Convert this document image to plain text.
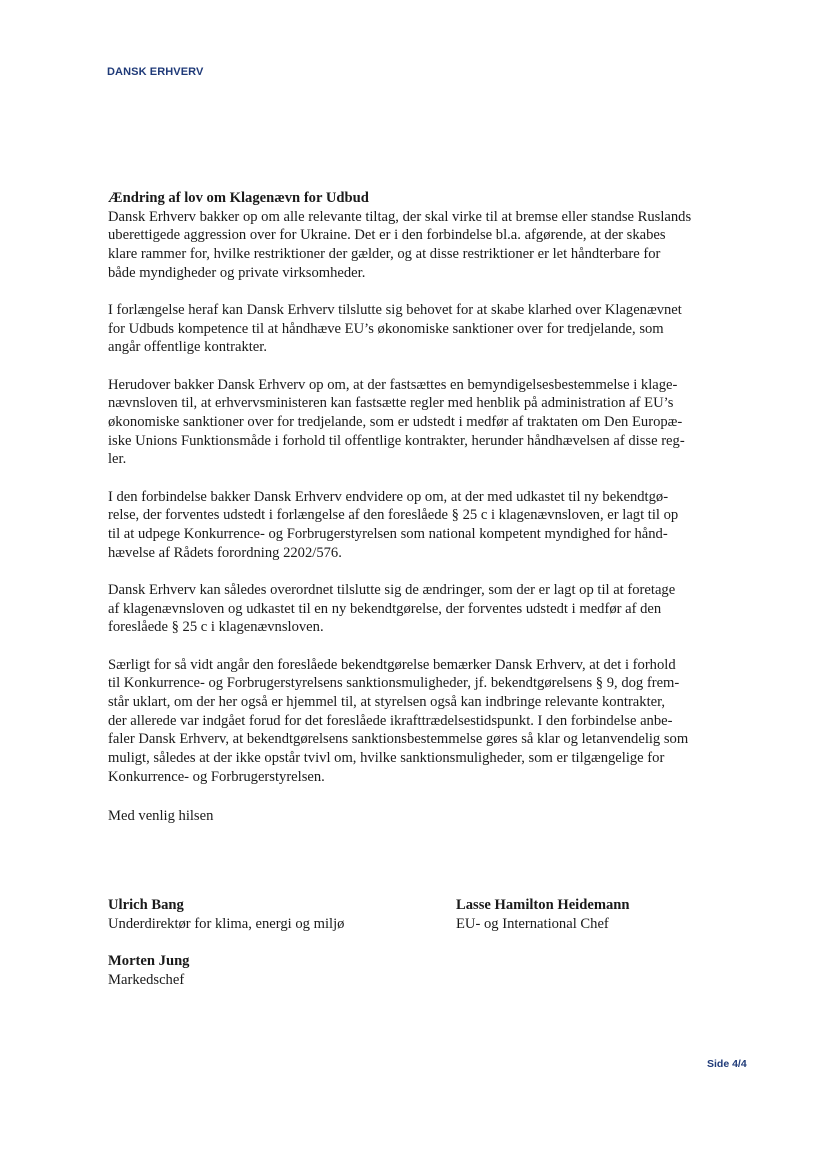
DANSK ERHVERV

Ændring af lov om Klagenævn for Udbud

Dansk Erhverv bakker op om alle relevante tiltag, der skal virke til at bremse eller standse Ruslands
uberettigede aggression over for Ukraine. Det er i den forbindelse bl.a. afgørende, at der skabes
klare rammer for, hvilke restriktioner der gælder, og at disse restriktioner er let håndterbare for
både myndigheder og private virksomheder.

I forlængelse heraf kan Dansk Erhverv tilslutte sig behovet for at skabe klarhed over Klagenævnet
for Udbuds kompetence til at håndhæve EU’s økonomiske sanktioner over for tredjelande, som
angår offentlige kontrakter.

Herudover bakker Dansk Erhverv op om, at der fastsættes en bemyndigelsesbestemmelse i klage-
nævnsloven til, at erhvervsministeren kan fastsætte regler med henblik på administration af EU’s
økonomiske sanktioner over for tredjelande, som er udstedt i medfør af traktaten om Den Europæ-
iske Unions Funktionsmåde i forhold til offentlige kontrakter, herunder håndhævelsen af disse reg-
ler.

I den forbindelse bakker Dansk Erhverv endvidere op om, at der med udkastet til ny bekendtgø-
relse, der forventes udstedt i forlængelse af den foreslåede § 25 c i klagenævnsloven, er lagt til op
til at udpege Konkurrence- og Forbrugerstyrelsen som national kompetent myndighed for hånd-
hævelse af Rådets forordning 2202/576.

Dansk Erhverv kan således overordnet tilslutte sig de ændringer, som der er lagt op til at foretage
af klagenævnsloven og udkastet til en ny bekendtgørelse, der forventes udstedt i medfør af den
foreslåede § 25 c i klagenævnsloven.

Særligt for så vidt angår den foreslåede bekendtgørelse bemærker Dansk Erhverv, at det i forhold
til Konkurrence- og Forbrugerstyrelsens sanktionsmuligheder, jf. bekendtgørelsens § 9, dog frem-
står uklart, om der her også er hjemmel til, at styrelsen også kan indbringe relevante kontrakter,
der allerede var indgået forud for det foreslåede ikrafttrædelsestidspunkt. I den forbindelse anbe-
faler Dansk Erhverv, at bekendtgørelsens sanktionsbestemmelse gøres så klar og letanvendelig som
muligt, således at der ikke opstår tvivl om, hvilke sanktionsmuligheder, som er tilgængelige for
Konkurrence- og Forbrugerstyrelsen.

Med venlig hilsen

Ulrich Bang
Underdirektør for klima, energi og miljø
Lasse Hamilton Heidemann
EU- og International Chef
Morten Jung
Markedschef
Side 4/4
